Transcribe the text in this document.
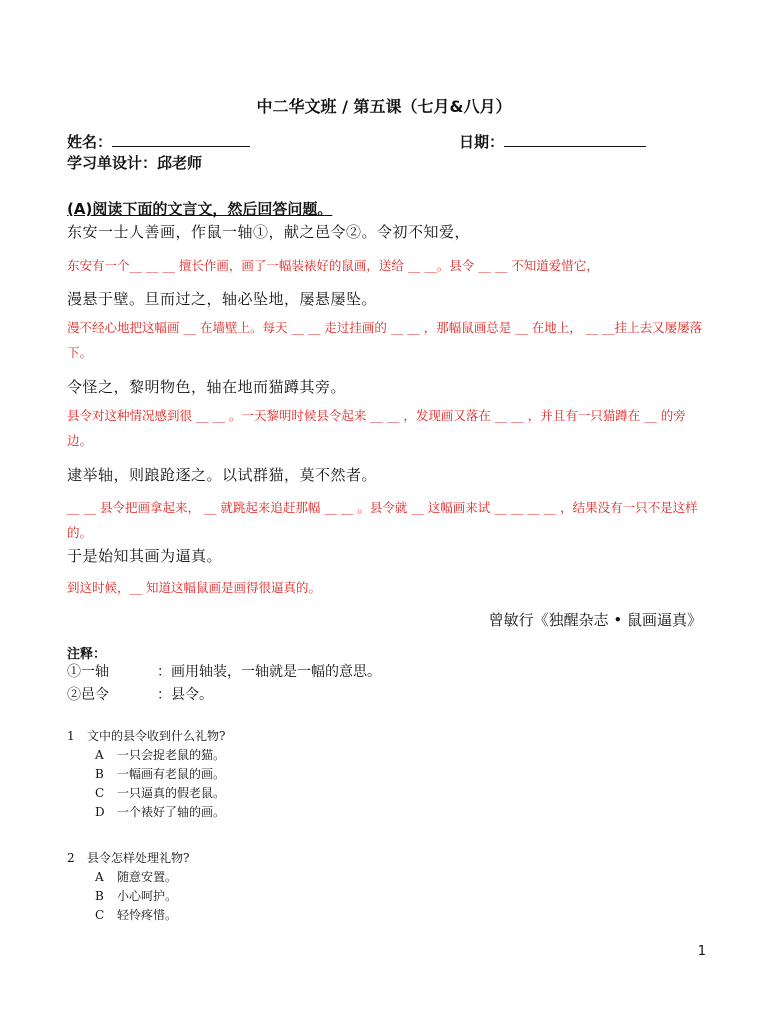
中二华文班 / 第五课（七月&八月）
姓名：	日期：
学习单设计：邱老师
(A)阅读下面的文言文，然后回答问题。
东安一士人善画，作鼠一轴①，献之邑令②。令初不知爱，
东安有一个__ __ __ 擅长作画，画了一幅装裱好的鼠画，送给 __ __。县令 __ __ 不知道爱惜它，
漫悬于壁。旦而过之，轴必坠地，屡悬屡坠。
漫不经心地把这幅画 __ 在墙壁上。每天 __ __ 走过挂画的 __ __ ，那幅鼠画总是 __ 在地上， __ __挂上去又屡屡落下。
令怪之，黎明物色，轴在地而猫蹲其旁。
县令对这种情况感到很 __ __ 。一天黎明时候县令起来 __ __ ，发现画又落在 __ __ ，并且有一只猫蹲在 __ 的旁边。
逮举轴，则踉跄逐之。以试群猫，莫不然者。
__ __ 县令把画拿起来， __ 就跳起来追赶那幅 __ __ 。县令就 __ 这幅画来试 __ __ __ __ ，结果没有一只不是这样的。
于是始知其画为逼真。
到这时候，__ 知道这幅鼠画是画得很逼真的。
曾敏行《独醒杂志 • 鼠画逼真》
注释：
①一轴	：画用轴装，一轴就是一幅的意思。
②邑令	：县令。
1 文中的县令收到什么礼物?
A 一只会捉老鼠的猫。
B 一幅画有老鼠的画。
C 一只逼真的假老鼠。
D 一个裱好了轴的画。
2 县令怎样处理礼物?
A 随意安置。
B 小心呵护。
C 轻怜疼惜。
1
